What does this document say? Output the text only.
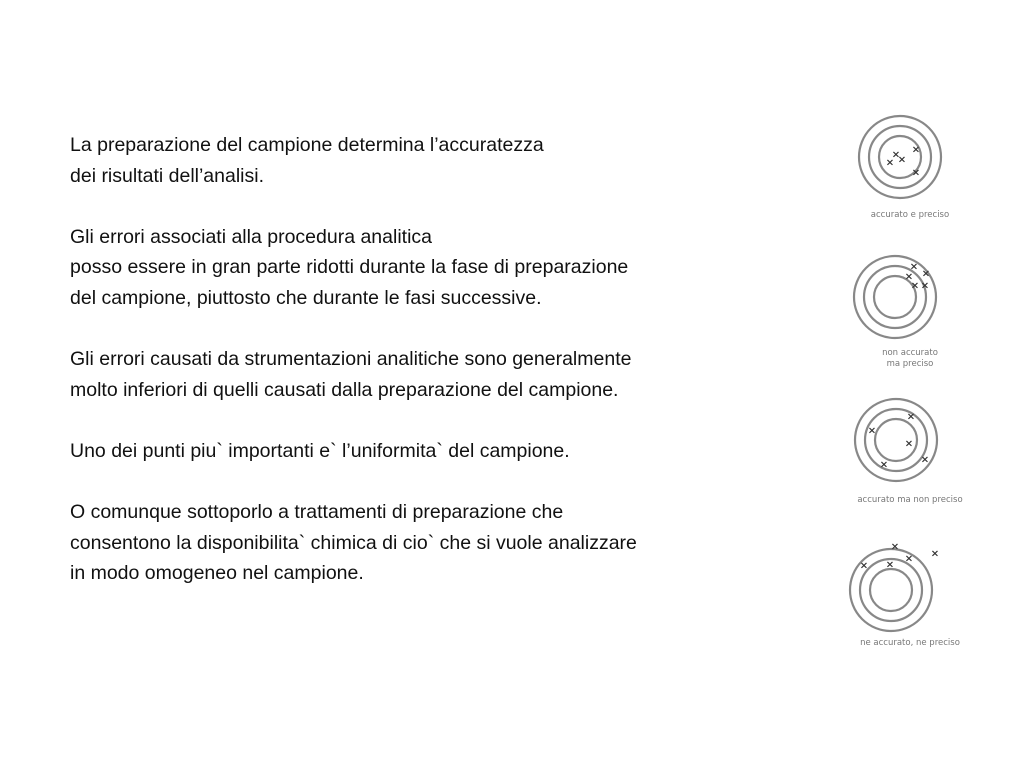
La preparazione del campione determina l’accuratezza
dei risultati dell’analisi.

Gli errori associati alla procedura analitica
posso essere in gran parte ridotti durante la fase di preparazione
del campione, piuttosto che durante le fasi successive.

Gli errori causati da strumentazioni analitiche sono generalmente
molto inferiori di quelli causati dalla preparazione del campione.

Uno dei punti piu` importanti e` l’uniformita` del campione.

O comunque sottoporlo a trattamenti di preparazione che
consentono la disponibilita` chimica di cio` che si vuole analizzare
in modo omogeneo nel campione.

× ×
× ×
×

accurato e preciso

×
× ×
× ×

non accurato
ma preciso

×
×
×
×	×

accurato ma non preciso

×
×
×
×
×

ne accurato, ne preciso
